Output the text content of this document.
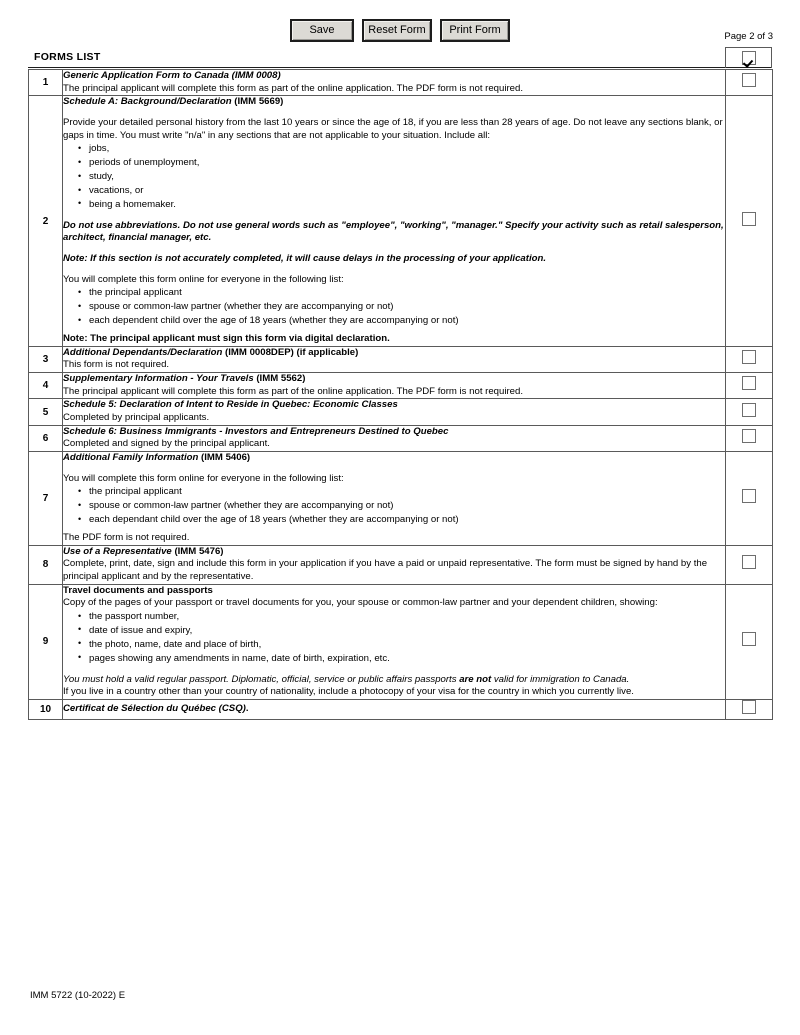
Save	Reset Form	Print Form
Page 2 of 3
FORMS LIST
1	Generic Application Form to Canada (IMM 0008)

The principal applicant will complete this form as part of the online application. The PDF form is not required.	

2	

Schedule A: Background/Declaration (IMM 5669)

Provide your detailed personal history from the last 10 years or since the age of 18, if you are less than 28 years of age. Do not leave any sections blank, or gaps in time. You must write "n/a" in any sections that are not applicable to your situation. Include all:

• jobs,
• periods of unemployment,
• study,
• vacations, or
• being a homemaker.

Do not use abbreviations. Do not use general words such as "employee", "working", "manager." Specify your activity such as retail salesperson, architect, financial manager, etc.

Note: If this section is not accurately completed, it will cause delays in the processing of your application.

You will complete this form online for everyone in the following list:

• the principal applicant
• spouse or common-law partner (whether they are accompanying or not)
• each dependent child over the age of 18 years (whether they are accompanying or not)

Note: The principal applicant must sign this form via digital declaration.

3	Additional Dependants/Declaration (IMM 0008DEP) (if applicable)

This form is not required.	

4	Supplementary Information - Your Travels (IMM 5562)

The principal applicant will complete this form as part of the online application. The PDF form is not required.	

5	Schedule 5: Declaration of Intent to Reside in Quebec: Economic Classes

Completed by principal applicants.	

6	Schedule 6: Business Immigrants - Investors and Entrepreneurs Destined to Quebec

Completed and signed by the principal applicant.	

7	

Additional Family Information (IMM 5406)

You will complete this form online for everyone in the following list:

• the principal applicant
• spouse or common-law partner (whether they are accompanying or not)
• each dependant child over the age of 18 years (whether they are accompanying or not)

The PDF form is not required.

8	Use of a Representative (IMM 5476)

Complete, print, date, sign and include this form in your application if you have a paid or unpaid representative. The form must be signed by hand by the principal applicant and by the representative.	

9	

Travel documents and passports

Copy of the pages of your passport or travel documents for you, your spouse or common-law partner and your dependent children, showing:

• the passport number,
• date of issue and expiry,
• the photo, name, date and place of birth,
• pages showing any amendments in name, date of birth, expiration, etc.

You must hold a valid regular passport. Diplomatic, official, service or public affairs passports are not valid for immigration to Canada.

If you live in a country other than your country of nationality, include a photocopy of your visa for the country in which you currently live.

10	Certificat de Sélection du Québec (CSQ).	

IMM 5722 (10-2022) E
